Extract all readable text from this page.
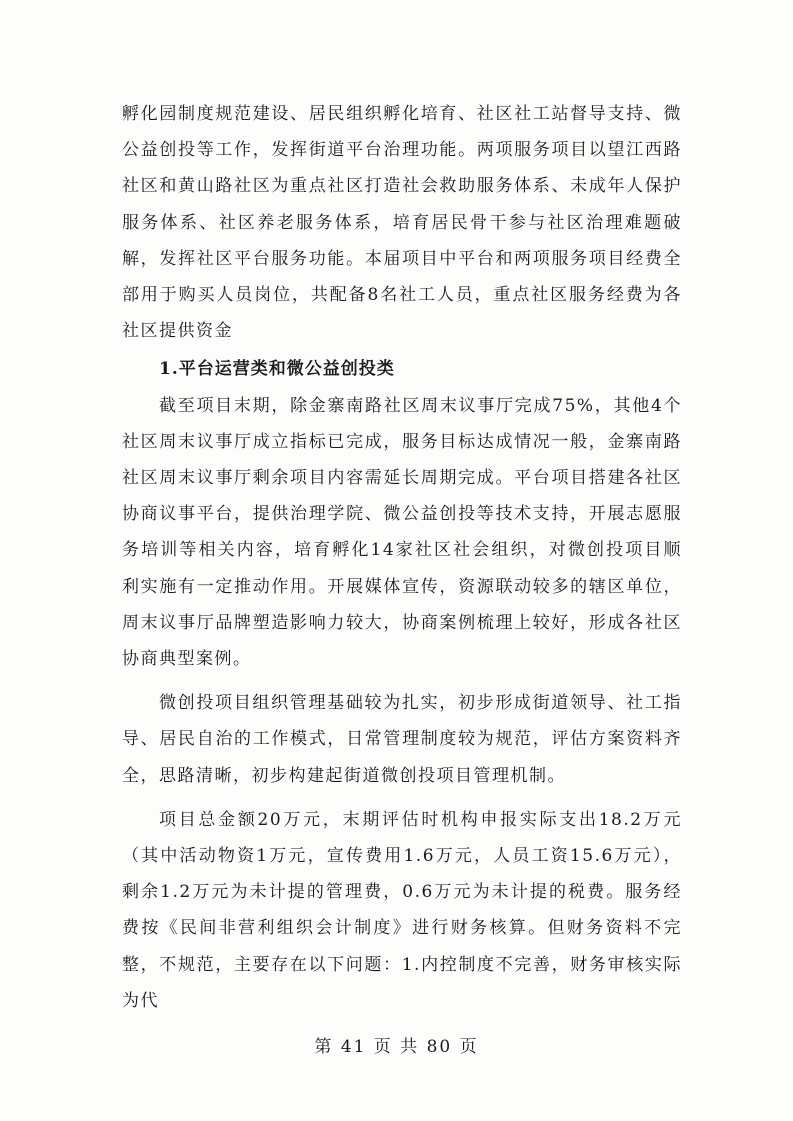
孵化园制度规范建设、居民组织孵化培育、社区社工站督导支持、微公益创投等工作，发挥街道平台治理功能。两项服务项目以望江西路社区和黄山路社区为重点社区打造社会救助服务体系、未成年人保护服务体系、社区养老服务体系，培育居民骨干参与社区治理难题破解，发挥社区平台服务功能。本届项目中平台和两项服务项目经费全部用于购买人员岗位，共配备8名社工人员，重点社区服务经费为各社区提供资金

1.平台运营类和微公益创投类

截至项目末期，除金寨南路社区周末议事厅完成75%，其他4个社区周末议事厅成立指标已完成，服务目标达成情况一般，金寨南路社区周末议事厅剩余项目内容需延长周期完成。平台项目搭建各社区协商议事平台，提供治理学院、微公益创投等技术支持，开展志愿服务培训等相关内容，培育孵化14家社区社会组织，对微创投项目顺利实施有一定推动作用。开展媒体宣传，资源联动较多的辖区单位，周末议事厅品牌塑造影响力较大，协商案例梳理上较好，形成各社区协商典型案例。

微创投项目组织管理基础较为扎实，初步形成街道领导、社工指导、居民自治的工作模式，日常管理制度较为规范，评估方案资料齐全，思路清晰，初步构建起街道微创投项目管理机制。

项目总金额20万元，末期评估时机构申报实际支出18.2万元（其中活动物资1万元，宣传费用1.6万元，人员工资15.6万元），剩余1.2万元为未计提的管理费，0.6万元为未计提的税费。服务经费按《民间非营利组织会计制度》进行财务核算。但财务资料不完整，不规范，主要存在以下问题：1.内控制度不完善，财务审核实际为代

第 41 页 共 80 页
